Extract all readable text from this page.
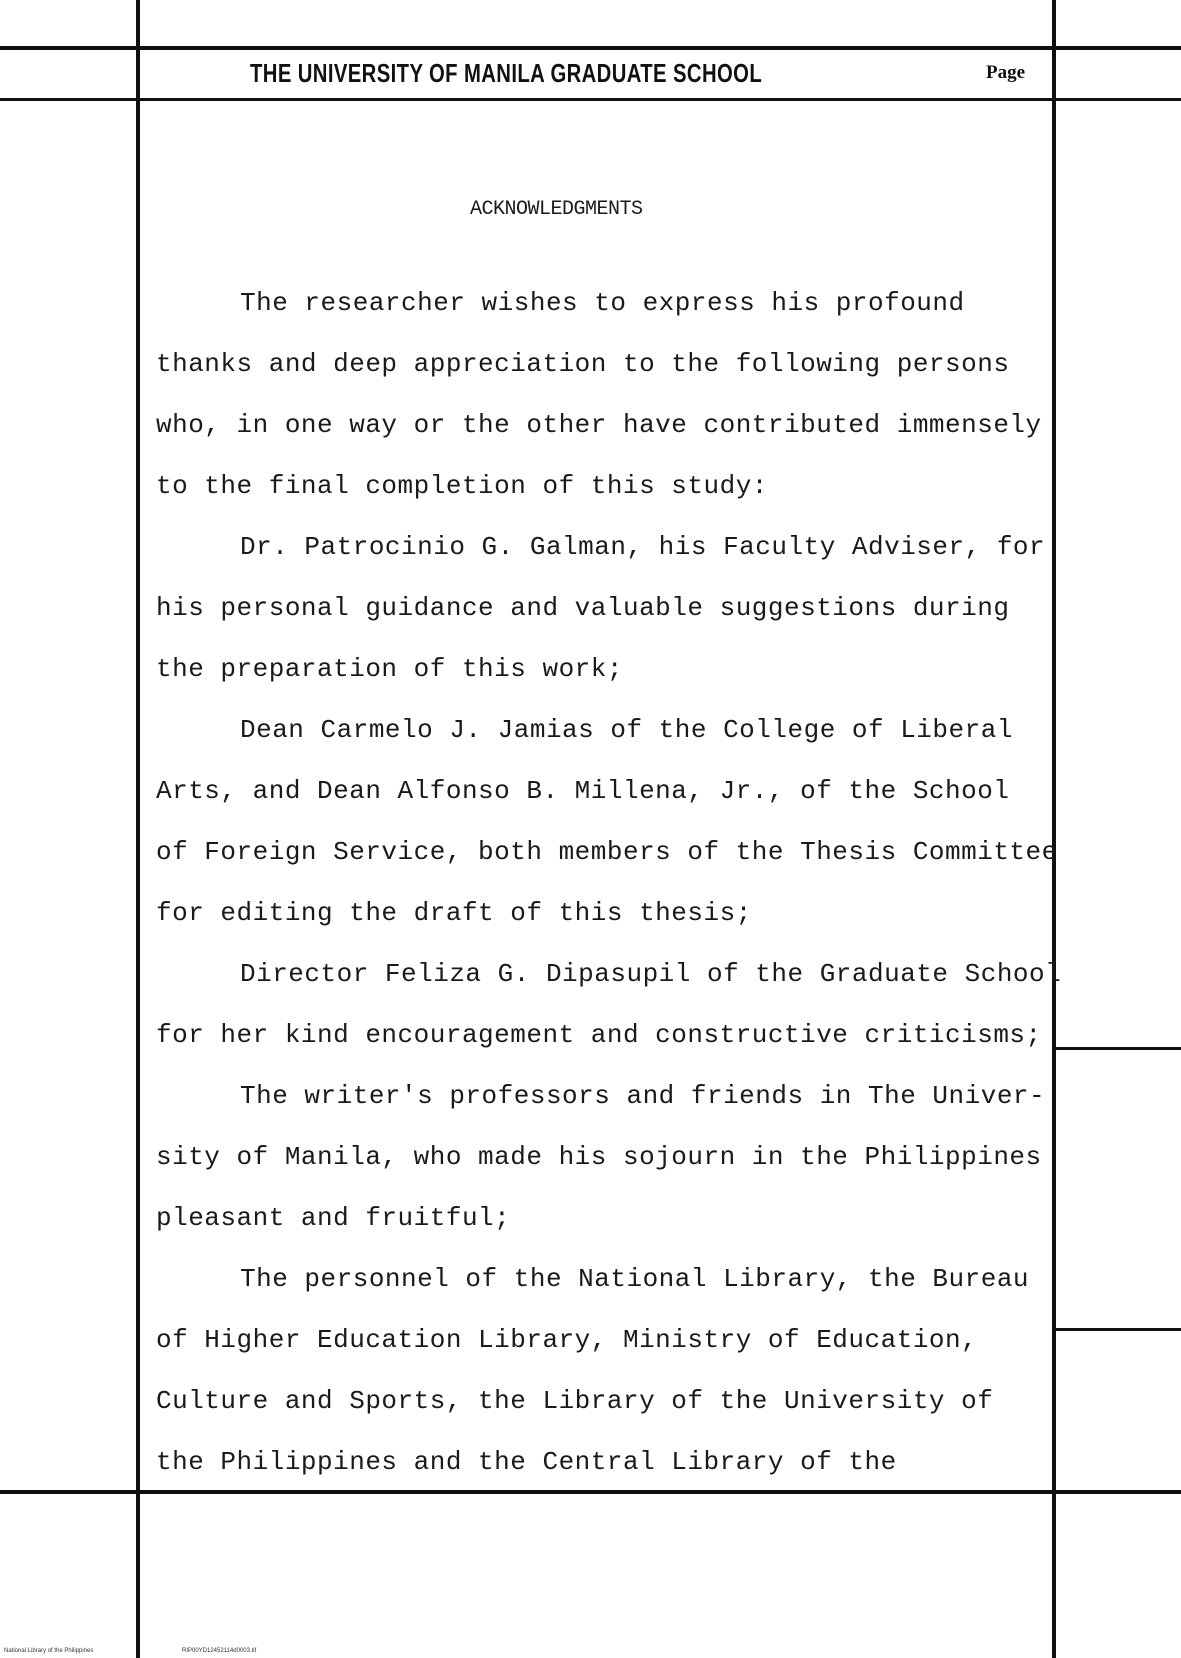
THE UNIVERSITY OF MANILA GRADUATE SCHOOL	Page
ACKNOWLEDGMENTS
The researcher wishes to express his profound
thanks and deep appreciation to the following persons
who, in one way or the other have contributed immensely
to the final completion of this study:
Dr. Patrocinio G. Galman, his Faculty Adviser, for
his personal guidance and valuable suggestions during
the preparation of this work;
Dean Carmelo J. Jamias of the College of Liberal
Arts, and Dean Alfonso B. Millena, Jr., of the School
of Foreign Service, both members of the Thesis Committee
for editing the draft of this thesis;
Director Feliza G. Dipasupil of the Graduate School
for her kind encouragement and constructive criticisms;
The writer's professors and friends in The Univer-
sity of Manila, who made his sojourn in the Philippines
pleasant and fruitful;
The personnel of the National Library, the Bureau
of Higher Education Library, Ministry of Education,
Culture and Sports, the Library of the University of
the Philippines and the Central Library of the
National Library of the Philippines	RIP00YD12452114d0003.tif
